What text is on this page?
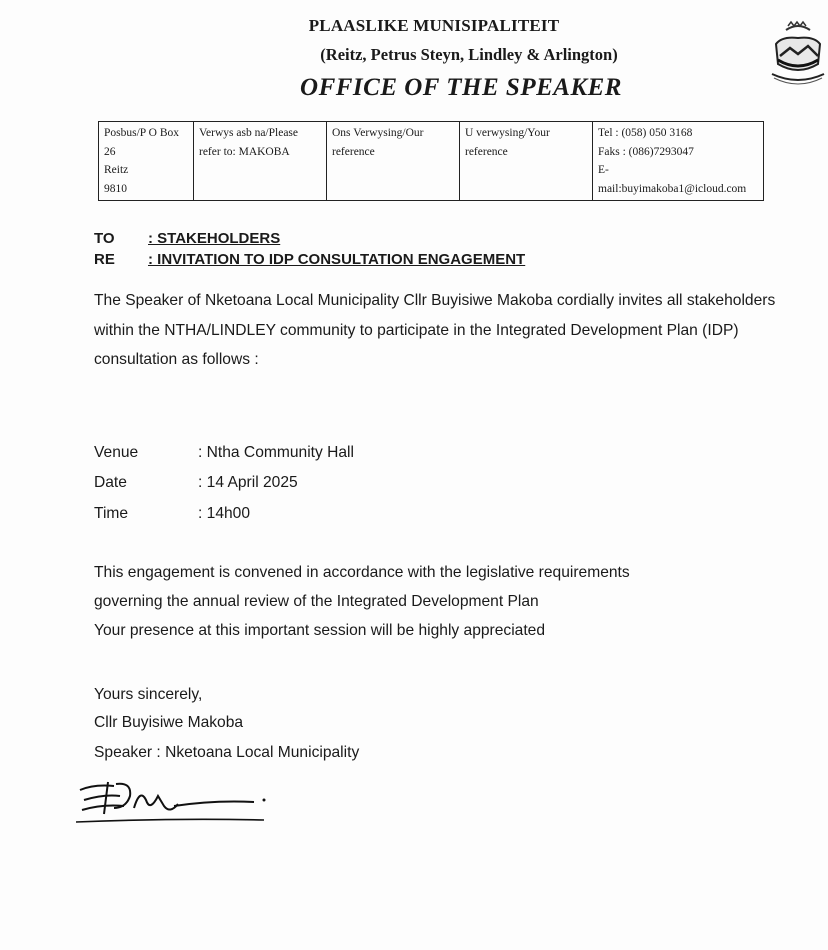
PLAASLIKE MUNISIPALITEIT
(Reitz, Petrus Steyn, Lindley & Arlington)
OFFICE OF THE SPEAKER
Posbus/P O Box
26
Reitz
9810

Verwys asb na/Please
refer to: MAKOBA

Ons Verwysing/Our
reference

U verwysing/Your
reference

Tel : (058) 050 3168
Faks : (086)7293047
E-
mail:buyimakoba1@icloud.com
TO : STAKEHOLDERS
RE : INVITATION TO IDP CONSULTATION ENGAGEMENT
The Speaker of Nketoana Local Municipality Cllr Buyisiwe Makoba cordially invites all stakeholders within the NTHA/LINDLEY community to participate in the Integrated Development Plan (IDP) consultation as follows :
Venue	: Ntha Community Hall
Date	: 14 April 2025
Time	: 14h00
This engagement is convened in accordance with the legislative requirements
governing the annual review of the Integrated Development Plan
Your presence at this important session will be highly appreciated
Yours sincerely,
Cllr Buyisiwe Makoba
Speaker : Nketoana Local Municipality
